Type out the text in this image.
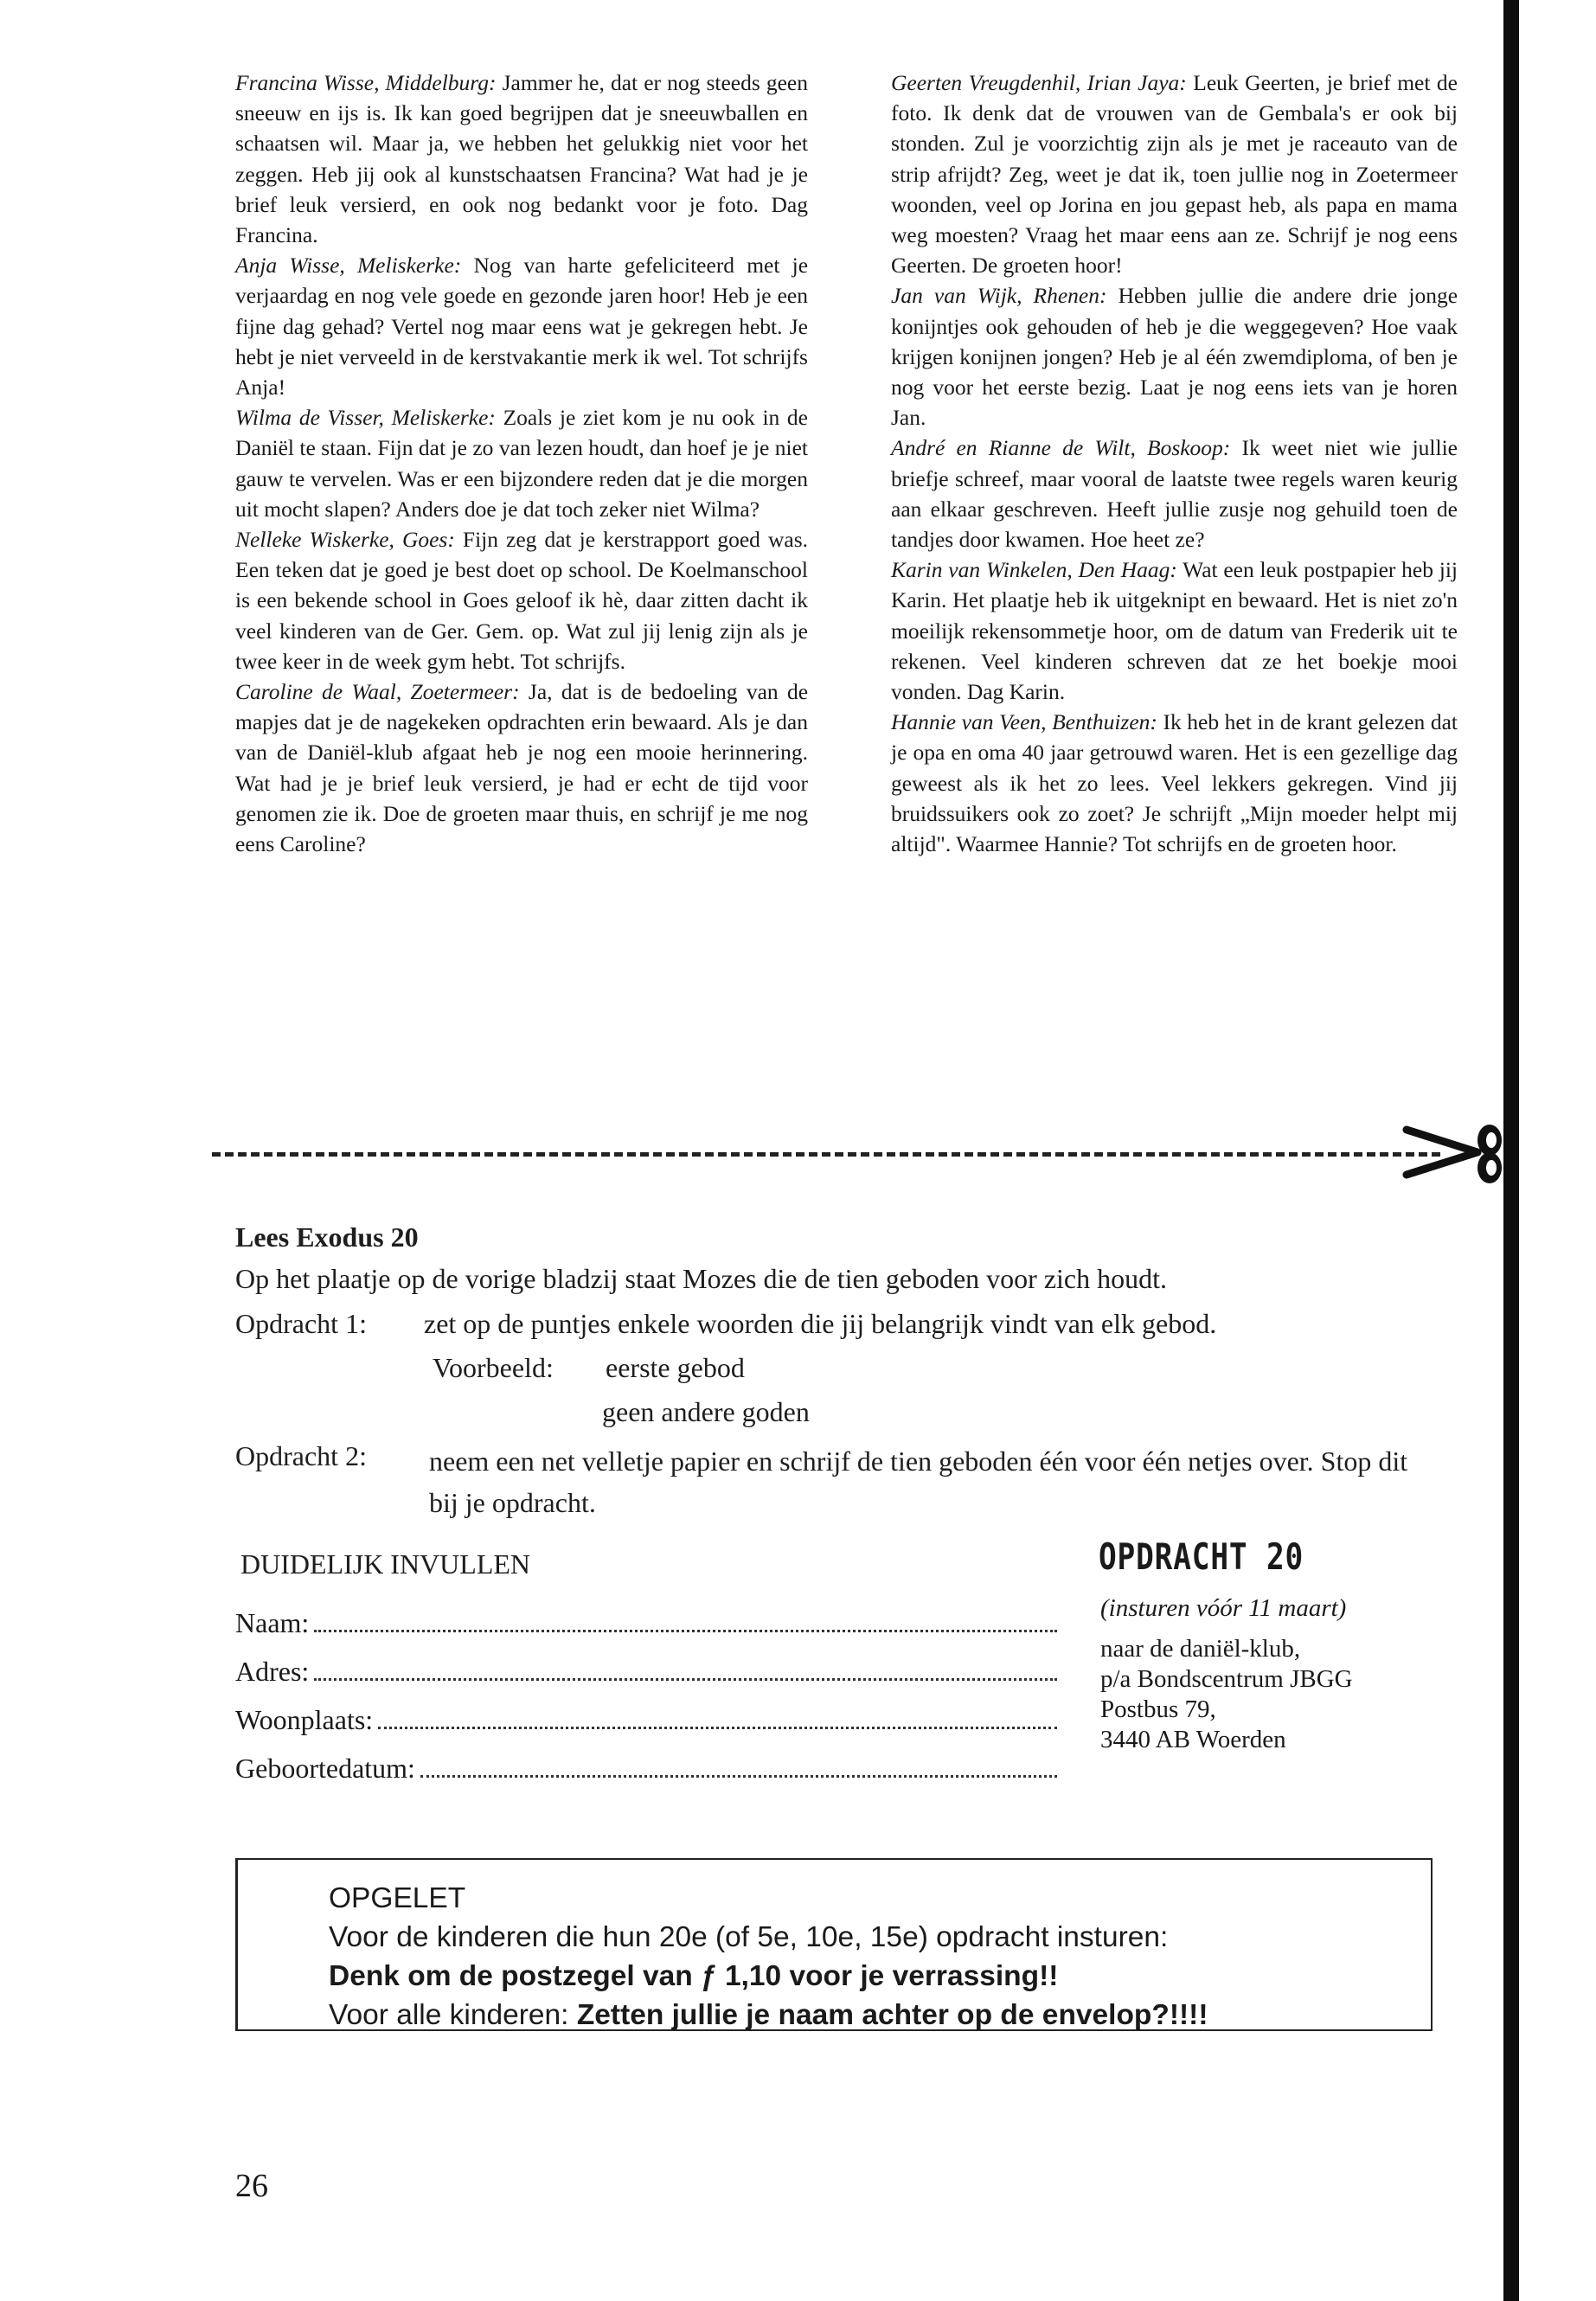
Francina Wisse, Middelburg: Jammer he, dat er nog steeds geen sneeuw en ijs is. Ik kan goed begrijpen dat je sneeuwballen en schaatsen wil. Maar ja, we hebben het gelukkig niet voor het zeggen. Heb jij ook al kunstschaatsen Francina? Wat had je je brief leuk versierd, en ook nog bedankt voor je foto. Dag Francina.

Anja Wisse, Meliskerke: Nog van harte gefeliciteerd met je verjaardag en nog vele goede en gezonde jaren hoor! Heb je een fijne dag gehad? Vertel nog maar eens wat je gekregen hebt. Je hebt je niet verveeld in de kerstvakantie merk ik wel. Tot schrijfs Anja!

Wilma de Visser, Meliskerke: Zoals je ziet kom je nu ook in de Daniël te staan. Fijn dat je zo van lezen houdt, dan hoef je je niet gauw te vervelen. Was er een bijzondere reden dat je die morgen uit mocht slapen? Anders doe je dat toch zeker niet Wilma?

Nelleke Wiskerke, Goes: Fijn zeg dat je kerstrapport goed was. Een teken dat je goed je best doet op school. De Koelmanschool is een bekende school in Goes geloof ik hè, daar zitten dacht ik veel kinderen van de Ger. Gem. op. Wat zul jij lenig zijn als je twee keer in de week gym hebt. Tot schrijfs.

Caroline de Waal, Zoetermeer: Ja, dat is de bedoeling van de mapjes dat je de nagekeken opdrachten erin bewaard. Als je dan van de Daniël-klub afgaat heb je nog een mooie herinnering. Wat had je je brief leuk versierd, je had er echt de tijd voor genomen zie ik. Doe de groeten maar thuis, en schrijf je me nog eens Caroline?

Geerten Vreugdenhil, Irian Jaya: Leuk Geerten, je brief met de foto. Ik denk dat de vrouwen van de Gembala's er ook bij stonden. Zul je voorzichtig zijn als je met je raceauto van de strip afrijdt? Zeg, weet je dat ik, toen jullie nog in Zoetermeer woonden, veel op Jorina en jou gepast heb, als papa en mama weg moesten? Vraag het maar eens aan ze. Schrijf je nog eens Geerten. De groeten hoor!

Jan van Wijk, Rhenen: Hebben jullie die andere drie jonge konijntjes ook gehouden of heb je die weggegeven? Hoe vaak krijgen konijnen jongen? Heb je al één zwemdiploma, of ben je nog voor het eerste bezig. Laat je nog eens iets van je horen Jan.

André en Rianne de Wilt, Boskoop: Ik weet niet wie jullie briefje schreef, maar vooral de laatste twee regels waren keurig aan elkaar geschreven. Heeft jullie zusje nog gehuild toen de tandjes door kwamen. Hoe heet ze?

Karin van Winkelen, Den Haag: Wat een leuk postpapier heb jij Karin. Het plaatje heb ik uitgeknipt en bewaard. Het is niet zo'n moeilijk rekensommetje hoor, om de datum van Frederik uit te rekenen. Veel kinderen schreven dat ze het boekje mooi vonden. Dag Karin.

Hannie van Veen, Benthuizen: Ik heb het in de krant gelezen dat je opa en oma 40 jaar getrouwd waren. Het is een gezellige dag geweest als ik het zo lees. Veel lekkers gekregen. Vind jij bruidssuikers ook zo zoet? Je schrijft „Mijn moeder helpt mij altijd". Waarmee Hannie? Tot schrijfs en de groeten hoor.

Lees Exodus 20
Op het plaatje op de vorige bladzij staat Mozes die de tien geboden voor zich houdt.
Opdracht 1: zet op de puntjes enkele woorden die jij belangrijk vindt van elk gebod.
Voorbeeld: eerste gebod
geen andere goden
Opdracht 2: neem een net velletje papier en schrijf de tien geboden één voor één netjes over. Stop dit bij je opdracht.
DUIDELIJK INVULLEN
Naam:
Adres:
Woonplaats:
Geboortedatum:
OPDRACHT 20
(insturen vóór 11 maart)
naar de daniël-klub,
p/a Bondscentrum JBGG
Postbus 79,
3440 AB Woerden
OPGELET
Voor de kinderen die hun 20e (of 5e, 10e, 15e) opdracht insturen:
Denk om de postzegel van ƒ 1,10 voor je verrassing!!
Voor alle kinderen: Zetten jullie je naam achter op de envelop?!!!!
26
